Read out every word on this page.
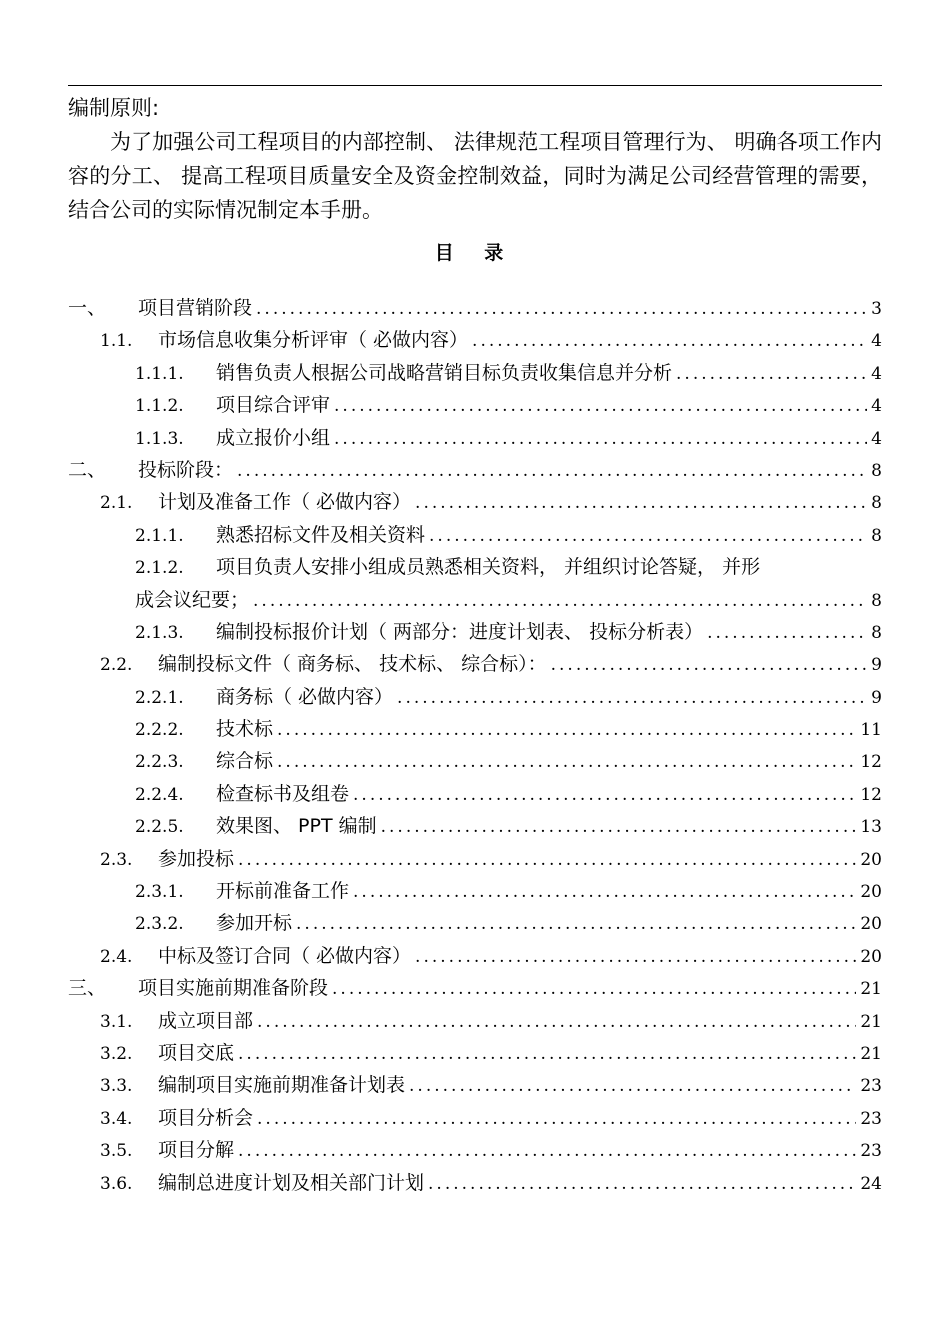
编制原则:

为了加强公司工程项目的内部控制、 法律规范工程项目管理行为、 明确各项工作内容的分工、 提高工程项目质量安全及资金控制效益，同时为满足公司经营管理的需要，结合公司的实际情况制定本手册。

目 录
一、	项目营销阶段 .....	3
1.1.	市场信息收集分析评审（ 必做内容） .....	4
1.1.1.	销售负责人根据公司战略营销目标负责收集信息并分析 .....	4
1.1.2.	项目综合评审 .....	4
1.1.3.	成立报价小组 .....	4
二、	投标阶段： .....	8
2.1.	计划及准备工作（ 必做内容） .....	8
2.1.1.	熟悉招标文件及相关资料 .....	8
2.1.2.	项目负责人安排小组成员熟悉相关资料， 并组织讨论答疑， 并形
成会议纪要； .....	8
2.1.3.	编制投标报价计划（ 两部分：进度计划表、 投标分析表） .....	8
2.2.	编制投标文件（ 商务标、 技术标、 综合标）： .....	9
2.2.1.	商务标（ 必做内容） .....	9
2.2.2.	技术标 .....	11
2.2.3.	综合标 .....	12
2.2.4.	检查标书及组卷 .....	12
2.2.5.	效果图、 PPT 编制 .....	13
2.3.	参加投标 .....	20
2.3.1.	开标前准备工作 .....	20
2.3.2.	参加开标 .....	20
2.4.	中标及签订合同（ 必做内容） .....	20
三、	项目实施前期准备阶段 .....	21
3.1.	成立项目部 .....	21
3.2.	项目交底 .....	21
3.3.	编制项目实施前期准备计划表 .....	23
3.4.	项目分析会 .....	23
3.5.	项目分解 .....	23
3.6.	编制总进度计划及相关部门计划 .....	24
